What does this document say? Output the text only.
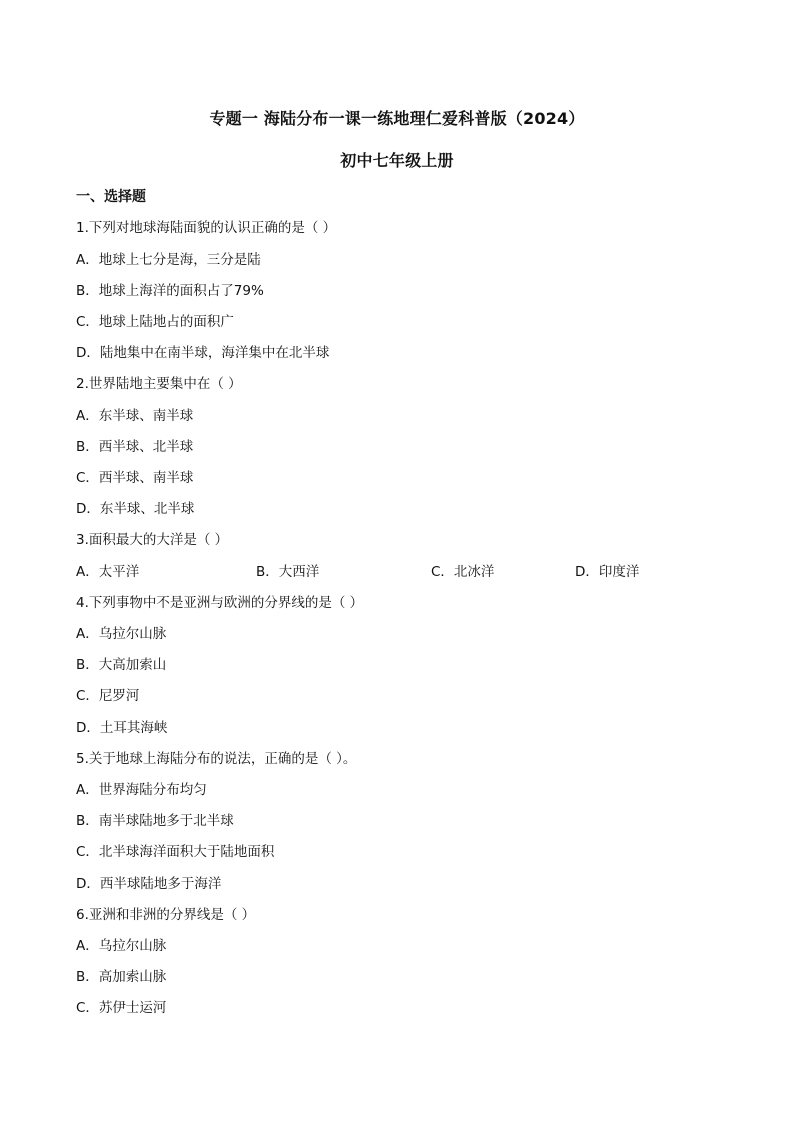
专题一 海陆分布一课一练地理仁爱科普版（2024）
初中七年级上册
一、选择题
1.下列对地球海陆面貌的认识正确的是（ ）
A．地球上七分是海，三分是陆
B．地球上海洋的面积占了79%
C．地球上陆地占的面积广
D．陆地集中在南半球，海洋集中在北半球
2.世界陆地主要集中在（ ）
A．东半球、南半球
B．西半球、北半球
C．西半球、南半球
D．东半球、北半球
3.面积最大的大洋是（ ）
A．太平洋	B．大西洋	C．北冰洋	D．印度洋
4.下列事物中不是亚洲与欧洲的分界线的是（ ）
A．乌拉尔山脉
B．大高加索山
C．尼罗河
D．土耳其海峡
5.关于地球上海陆分布的说法，正确的是（ ）。
A．世界海陆分布均匀
B．南半球陆地多于北半球
C．北半球海洋面积大于陆地面积
D．西半球陆地多于海洋
6.亚洲和非洲的分界线是（ ）
A．乌拉尔山脉
B．高加索山脉
C．苏伊士运河
